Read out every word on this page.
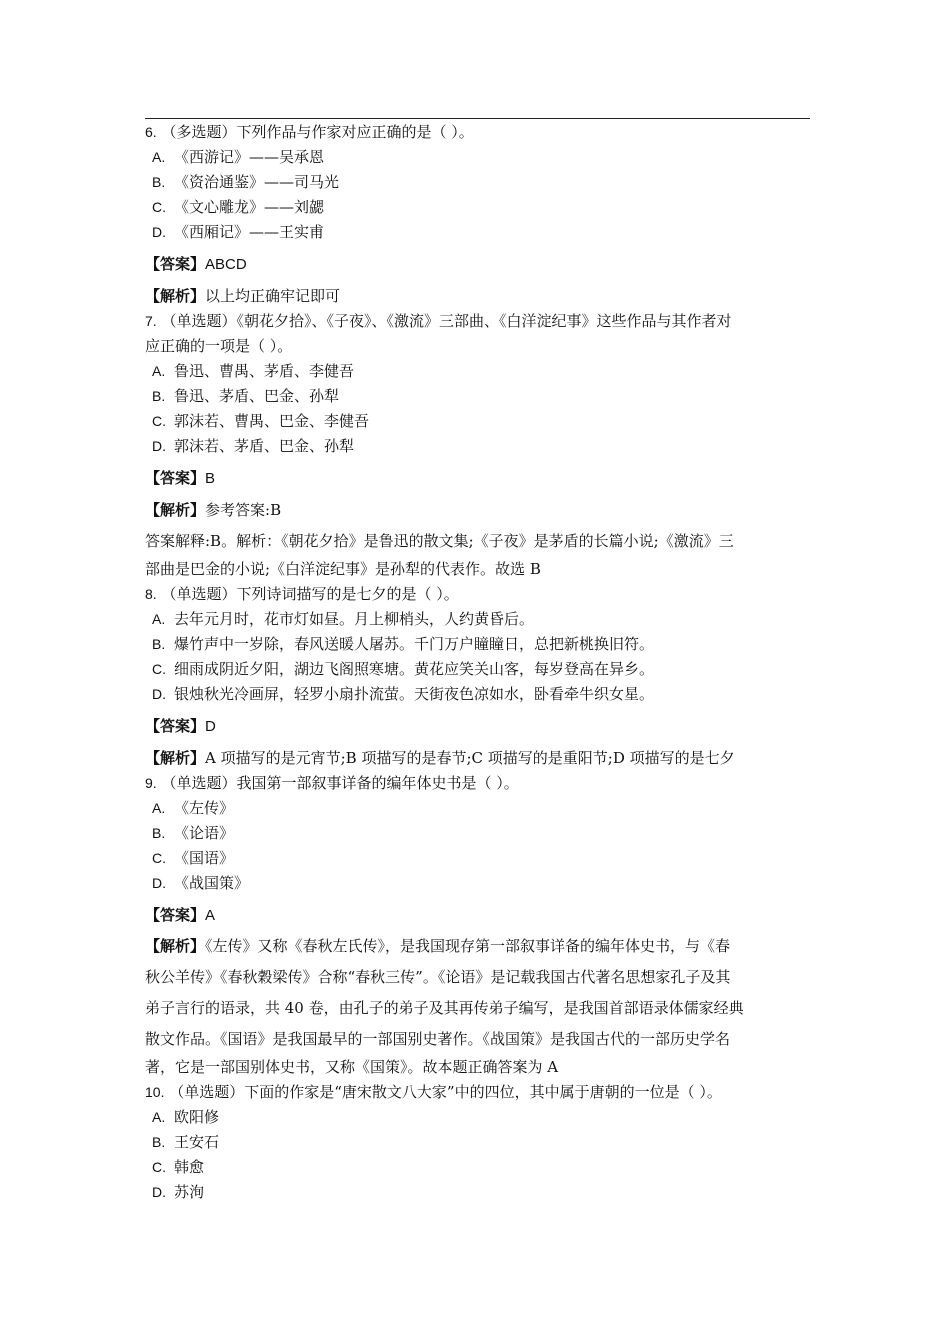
6. （多选题）下列作品与作家对应正确的是（ ）。
A. 《西游记》——吴承恩
B. 《资治通鉴》——司马光
C. 《文心雕龙》——刘勰
D. 《西厢记》——王实甫
【答案】ABCD
【解析】以上均正确牢记即可
7. （单选题）《朝花夕拾》、《子夜》、《激流》三部曲、《白洋淀纪事》这些作品与其作者对
应正确的一项是（ ）。
A. 鲁迅、曹禺、茅盾、李健吾
B. 鲁迅、茅盾、巴金、孙犁
C. 郭沫若、曹禺、巴金、李健吾
D. 郭沫若、茅盾、巴金、孙犁
【答案】B
【解析】参考答案:B
答案解释:B。解析：《朝花夕拾》是鲁迅的散文集;《子夜》是茅盾的长篇小说;《激流》三
部曲是巴金的小说;《白洋淀纪事》是孙犁的代表作。故选 B
8. （单选题）下列诗词描写的是七夕的是（ ）。
A. 去年元月时，花市灯如昼。月上柳梢头，人约黄昏后。
B. 爆竹声中一岁除，春风送暖人屠苏。千门万户瞳瞳日，总把新桃换旧符。
C. 细雨成阴近夕阳，湖边飞阁照寒塘。黄花应笑关山客，每岁登高在异乡。
D. 银烛秋光冷画屏，轻罗小扇扑流萤。天街夜色凉如水，卧看牵牛织女星。
【答案】D
【解析】A 项描写的是元宵节;B 项描写的是春节;C 项描写的是重阳节;D 项描写的是七夕
9. （单选题）我国第一部叙事详备的编年体史书是（ ）。
A. 《左传》
B. 《论语》
C. 《国语》
D. 《战国策》
【答案】A
【解析】《左传》又称《春秋左氏传》，是我国现存第一部叙事详备的编年体史书，与《春
秋公羊传》《春秋穀梁传》合称“春秋三传”。《论语》是记载我国古代著名思想家孔子及其
弟子言行的语录，共 40 卷，由孔子的弟子及其再传弟子编写，是我国首部语录体儒家经典
散文作品。《国语》是我国最早的一部国别史著作。《战国策》是我国古代的一部历史学名
著，它是一部国别体史书，又称《国策》。故本题正确答案为 A
10. （单选题）下面的作家是“唐宋散文八大家”中的四位，其中属于唐朝的一位是（ ）。
A. 欧阳修
B. 王安石
C. 韩愈
D. 苏洵
